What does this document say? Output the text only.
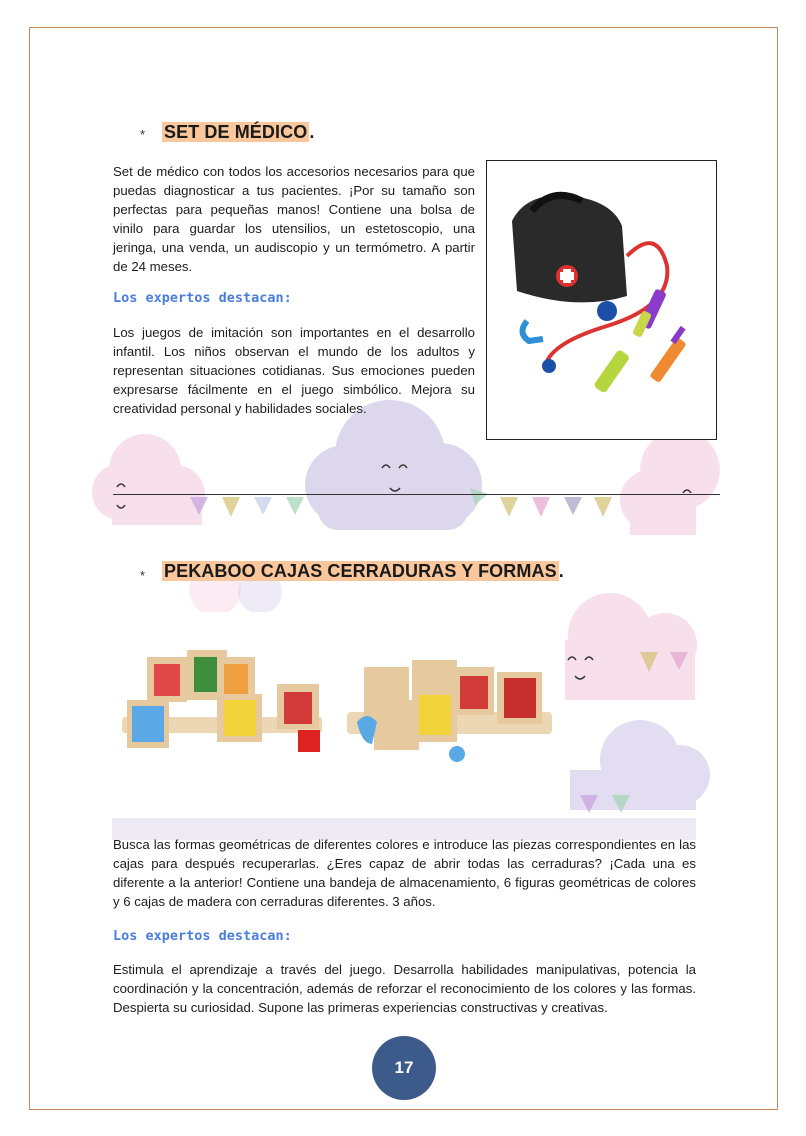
* SET DE MÉDICO .
Set de médico con todos los accesorios necesarios para que puedas diagnosticar a tus pacientes. ¡Por su tamaño son perfectas para pequeñas manos! Contiene una bolsa de vinilo para guardar los utensilios, un estetoscopio, una jeringa, una venda, un audiscopio y un termómetro. A partir de 24 meses.
Los expertos destacan:
Los juegos de imitación son importantes en el desarrollo infantil. Los niños observan el mundo de los adultos y representan situaciones cotidianas. Sus emociones pueden expresarse fácilmente en el juego simbólico. Mejora su creatividad personal y habilidades sociales.
* PEKABOO CAJAS CERRADURAS Y FORMAS .
Busca las formas geométricas de diferentes colores e introduce las piezas correspondientes en las cajas para después recuperarlas. ¿Eres capaz de abrir todas las cerraduras? ¡Cada una es diferente a la anterior! Contiene una bandeja de almacenamiento, 6 figuras geométricas de colores y 6 cajas de madera con cerraduras diferentes. 3 años.
Los expertos destacan:
Estimula el aprendizaje a través del juego. Desarrolla habilidades manipulativas, potencia la coordinación y la concentración, además de reforzar el reconocimiento de los colores y las formas. Despierta su curiosidad. Supone las primeras experiencias constructivas y creativas.
17
